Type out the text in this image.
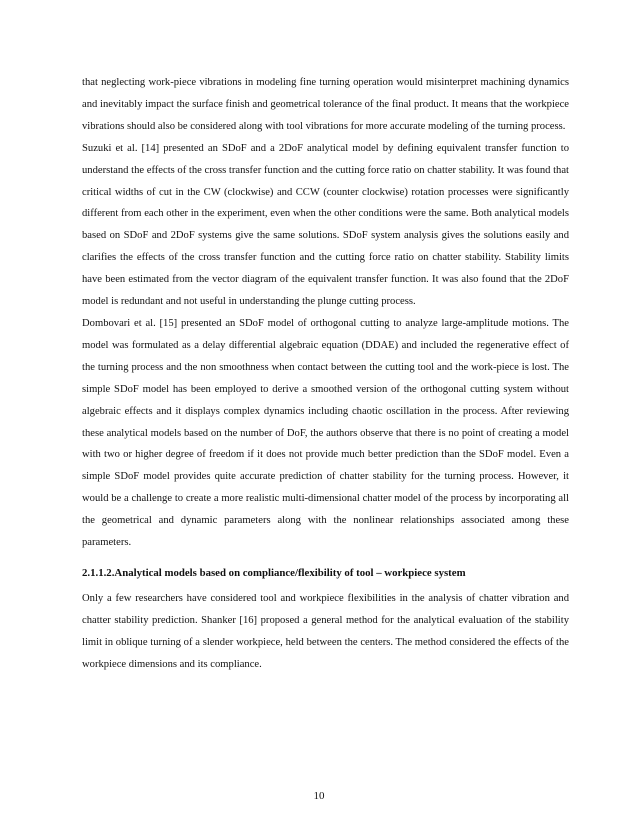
that neglecting work-piece vibrations in modeling fine turning operation would misinterpret machining dynamics and inevitably impact the surface finish and geometrical tolerance of the final product. It means that the workpiece vibrations should also be considered along with tool vibrations for more accurate modeling of the turning process.

Suzuki et al. [14] presented an SDoF and a 2DoF analytical model by defining equivalent transfer function to understand the effects of the cross transfer function and the cutting force ratio on chatter stability. It was found that critical widths of cut in the CW (clockwise) and CCW (counter clockwise) rotation processes were significantly different from each other in the experiment, even when the other conditions were the same. Both analytical models based on SDoF and 2DoF systems give the same solutions. SDoF system analysis gives the solutions easily and clarifies the effects of the cross transfer function and the cutting force ratio on chatter stability. Stability limits have been estimated from the vector diagram of the equivalent transfer function. It was also found that the 2DoF model is redundant and not useful in understanding the plunge cutting process.

Dombovari et al. [15] presented an SDoF model of orthogonal cutting to analyze large-amplitude motions. The model was formulated as a delay differential algebraic equation (DDAE) and included the regenerative effect of the turning process and the non smoothness when contact between the cutting tool and the work-piece is lost. The simple SDoF model has been employed to derive a smoothed version of the orthogonal cutting system without algebraic effects and it displays complex dynamics including chaotic oscillation in the process. After reviewing these analytical models based on the number of DoF, the authors observe that there is no point of creating a model with two or higher degree of freedom if it does not provide much better prediction than the SDoF model. Even a simple SDoF model provides quite accurate prediction of chatter stability for the turning process. However, it would be a challenge to create a more realistic multi-dimensional chatter model of the process by incorporating all the geometrical and dynamic parameters along with the nonlinear relationships associated among these parameters.

2.1.1.2.Analytical models based on compliance/flexibility of tool – workpiece system

Only a few researchers have considered tool and workpiece flexibilities in the analysis of chatter vibration and chatter stability prediction. Shanker [16] proposed a general method for the analytical evaluation of the stability limit in oblique turning of a slender workpiece, held between the centers. The method considered the effects of the workpiece dimensions and its compliance.

10
